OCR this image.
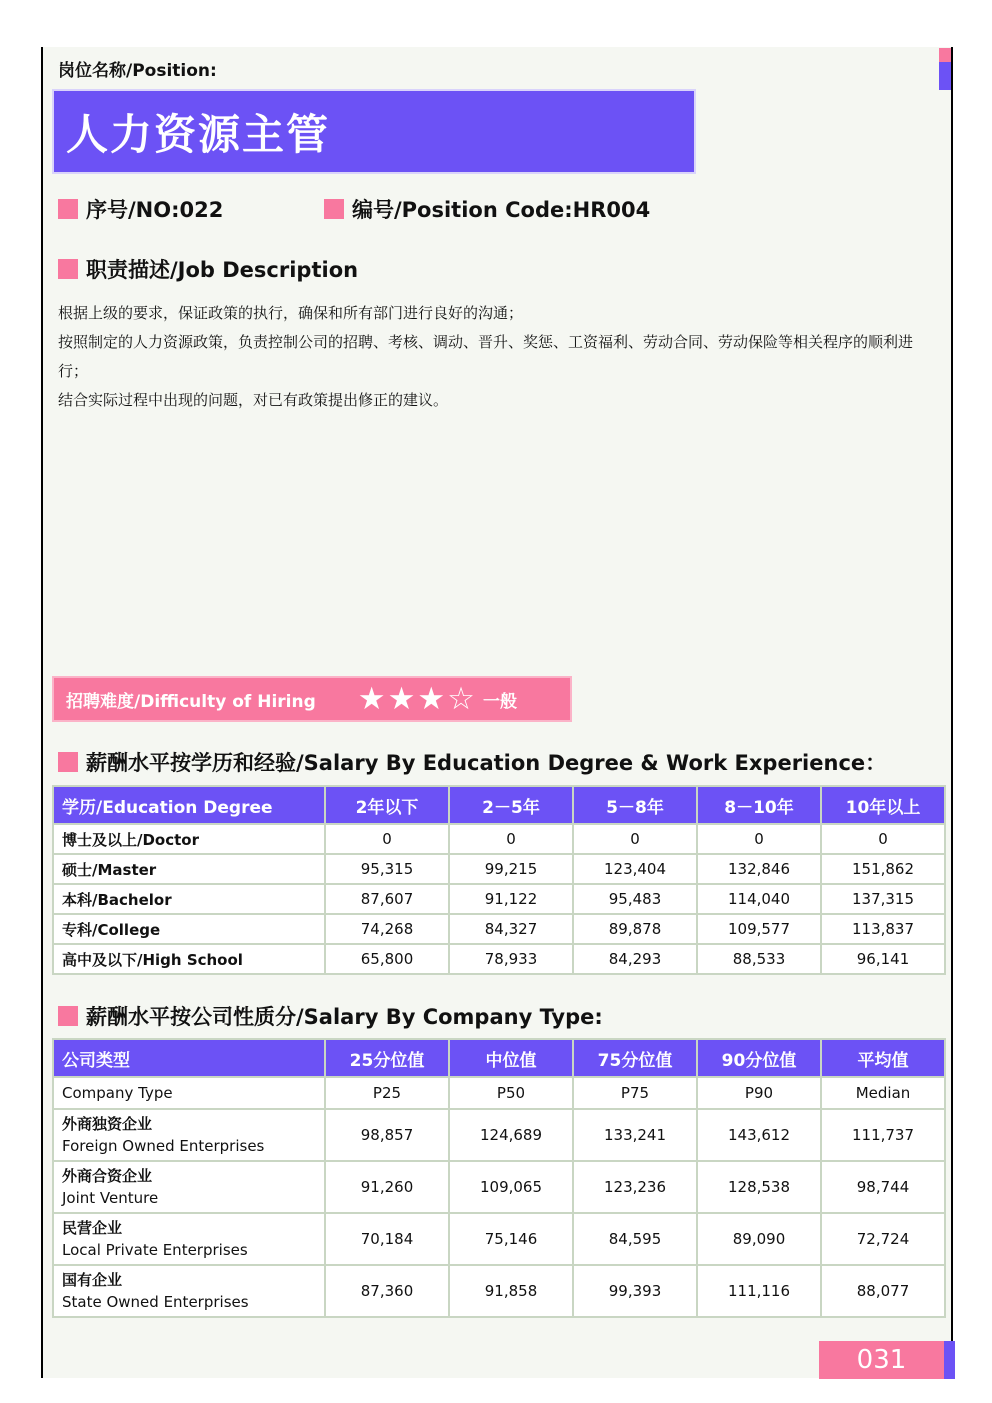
岗位名称/Position:
人力资源主管
序号/NO:022	编号/Position Code:HR004
职责描述/Job Description
根据上级的要求，保证政策的执行，确保和所有部门进行良好的沟通；
按照制定的人力资源政策，负责控制公司的招聘、考核、调动、晋升、奖惩、工资福利、劳动合同、劳动保险等相关程序的顺利进行；
结合实际过程中出现的问题，对已有政策提出修正的建议。
招聘难度/Difficulty of Hiring ★★★☆ 一般
薪酬水平按学历和经验/Salary By Education Degree & Work Experience：
学历/Education Degree	2年以下	2－5年	5－8年	8－10年	10年以上
博士及以上/Doctor	0	0	0	0	0
硕士/Master	95,315	99,215	123,404	132,846	151,862
本科/Bachelor	87,607	91,122	95,483	114,040	137,315
专科/College	74,268	84,327	89,878	109,577	113,837
高中及以下/High School	65,800	78,933	84,293	88,533	96,141
薪酬水平按公司性质分/Salary By Company Type:
公司类型	25分位值	中位值	75分位值	90分位值	平均值
Company Type	P25	P50	P75	P90	Median

外商独资企业
Foreign Owned Enterprises	98,857	124,689	133,241	143,612	111,737

外商合资企业
Joint Venture	91,260	109,065	123,236	128,538	98,744

民营企业
Local Private Enterprises	70,184	75,146	84,595	89,090	72,724

国有企业
State Owned Enterprises	87,360	91,858	99,393	111,116	88,077
031
